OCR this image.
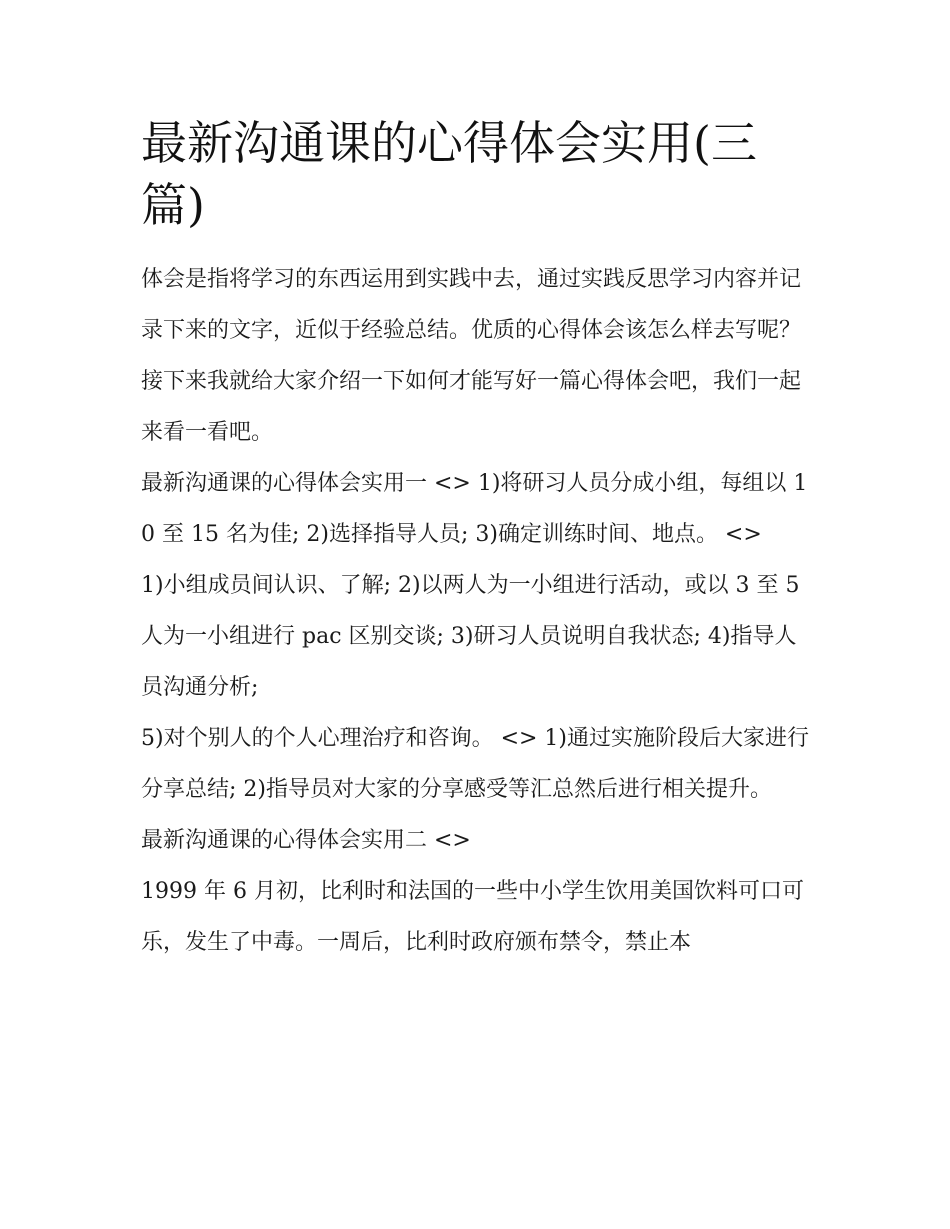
最新沟通课的心得体会实用(三篇)

体会是指将学习的东西运用到实践中去，通过实践反思学习内容并记录下来的文字，近似于经验总结。优质的心得体会该怎么样去写呢？接下来我就给大家介绍一下如何才能写好一篇心得体会吧，我们一起来看一看吧。

最新沟通课的心得体会实用一 <> 1)将研习人员分成小组，每组以 10 至 15 名为佳; 2)选择指导人员; 3)确定训练时间、地点。 <>

1)小组成员间认识、了解; 2)以两人为一小组进行活动，或以 3 至 5 人为一小组进行 pac 区别交谈; 3)研习人员说明自我状态; 4)指导人员沟通分析;

5)对个别人的个人心理治疗和咨询。 <> 1)通过实施阶段后大家进行分享总结; 2)指导员对大家的分享感受等汇总然后进行相关提升。

最新沟通课的心得体会实用二 <>

1999 年 6 月初，比利时和法国的一些中小学生饮用美国饮料可口可乐，发生了中毒。一周后，比利时政府颁布禁令，禁止本
